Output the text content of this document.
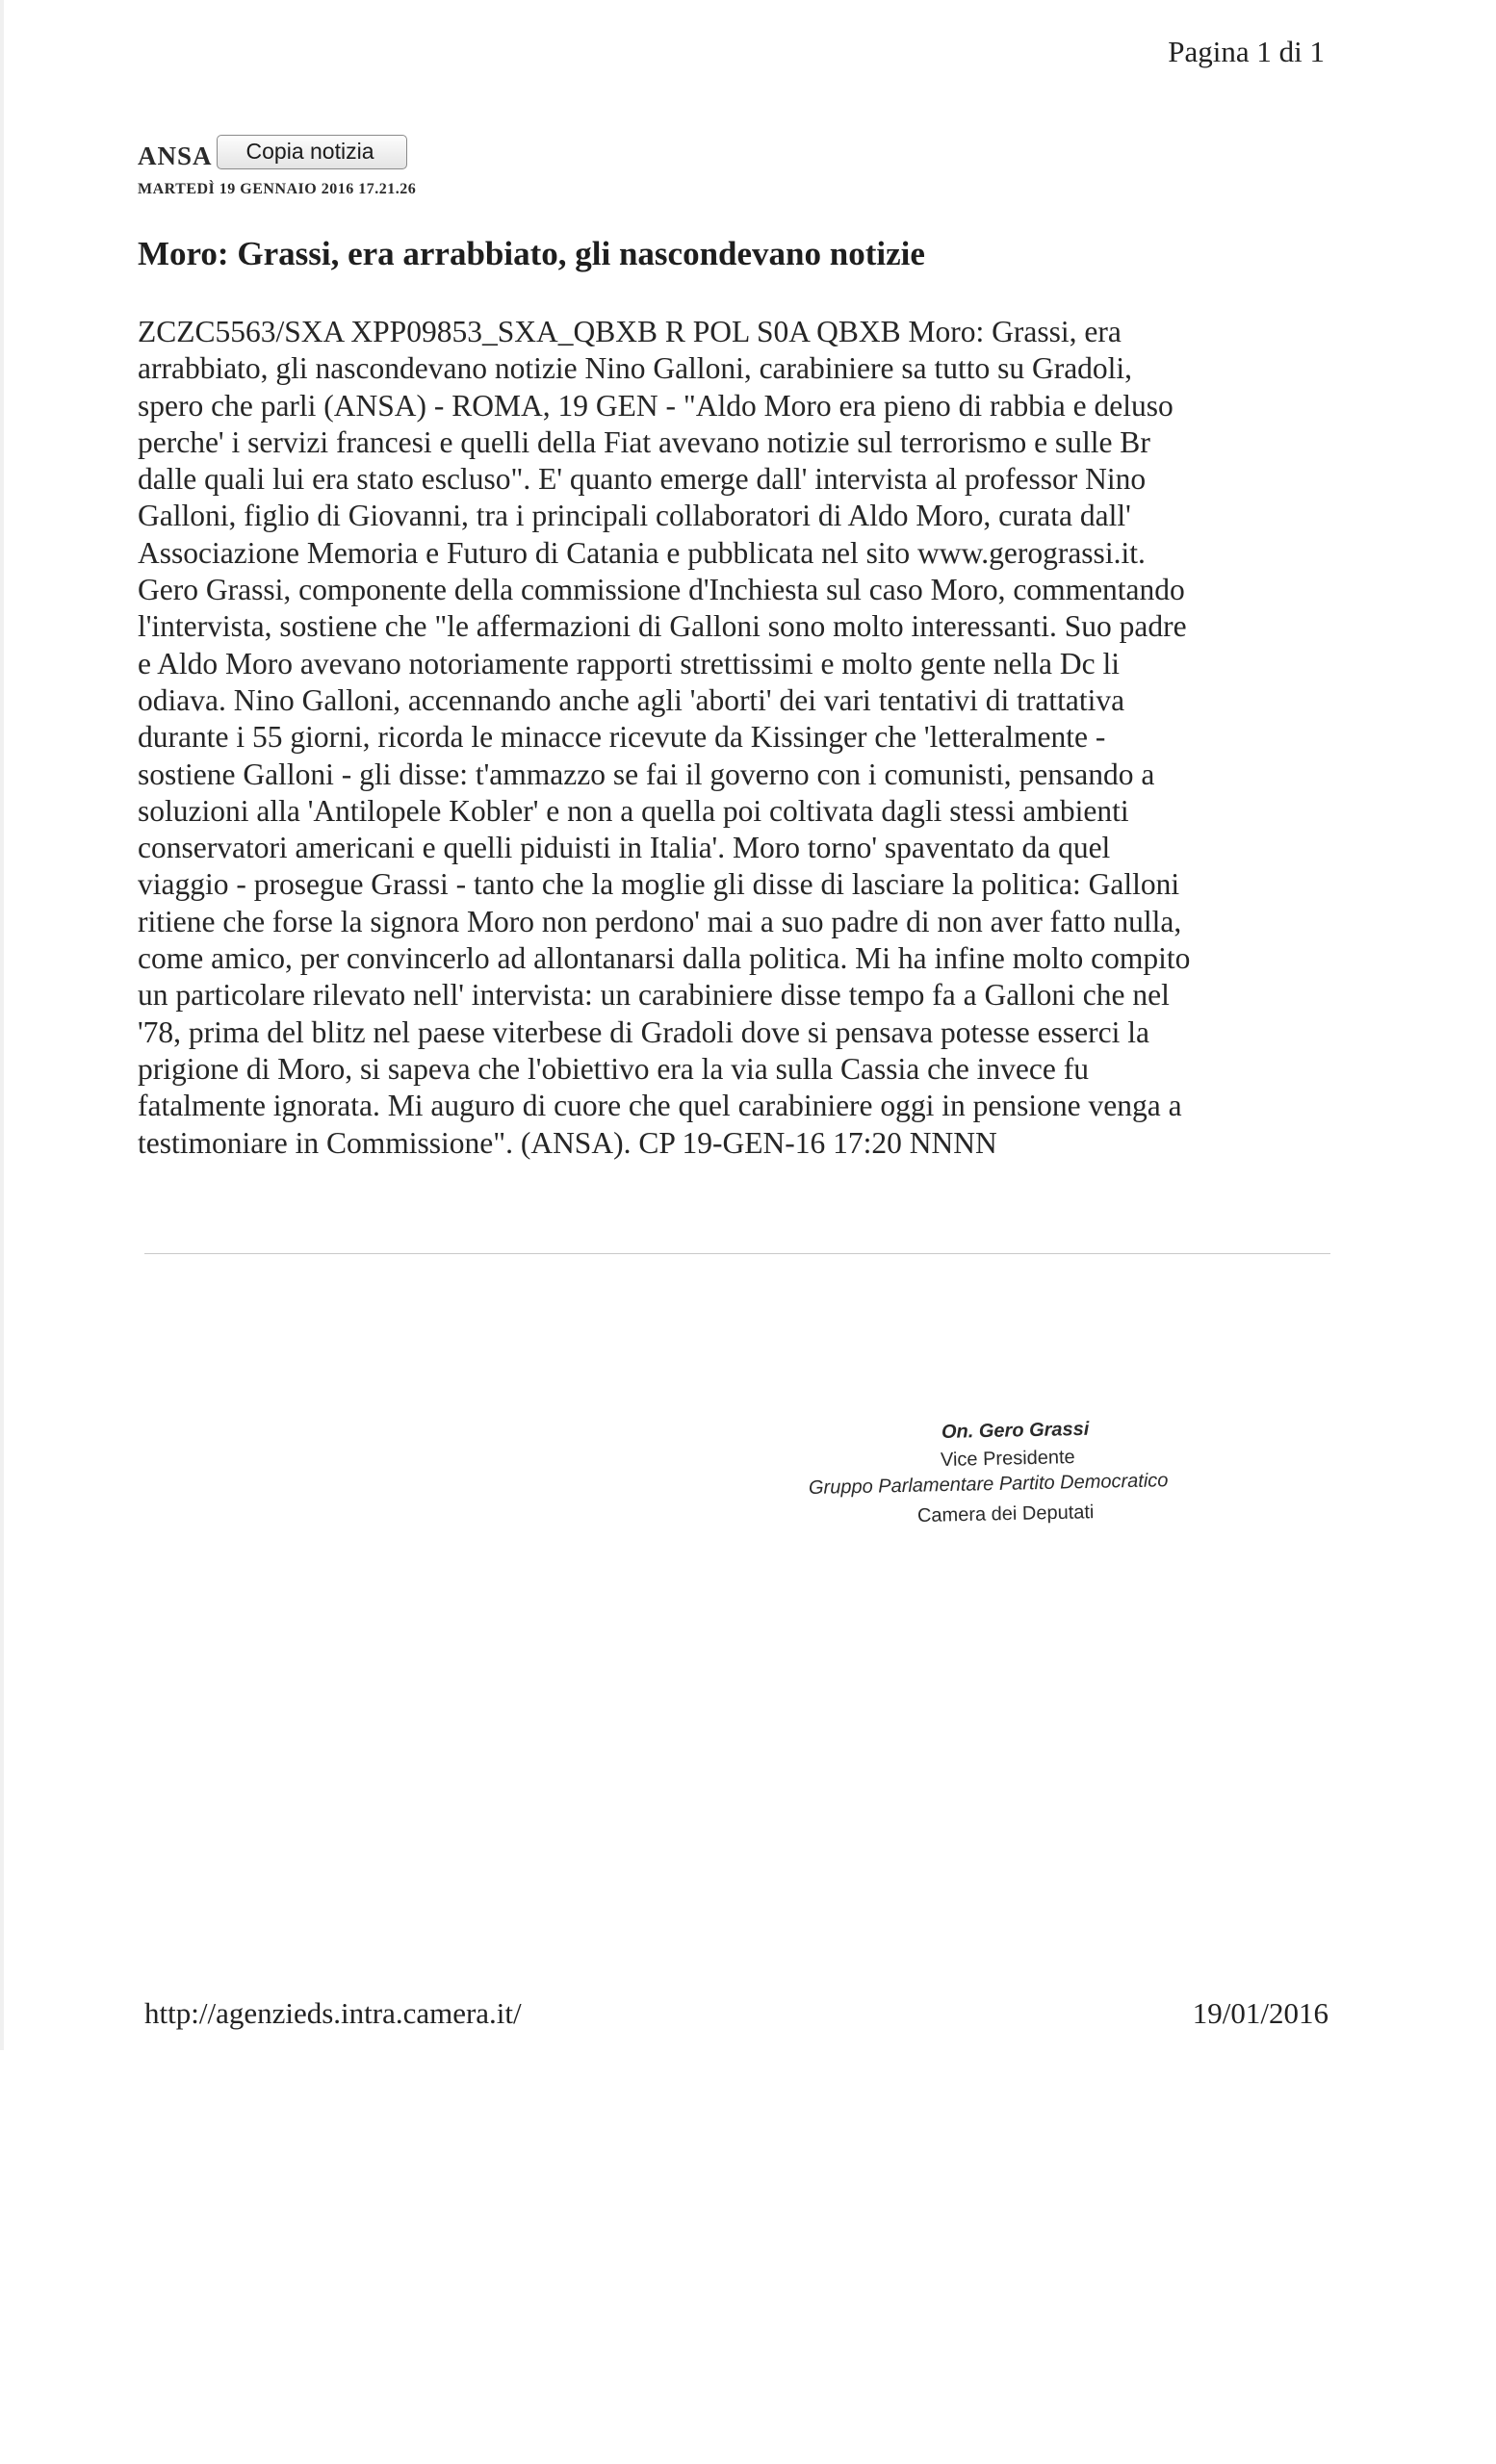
Pagina 1 di 1
ANSA	Copia notizia
MARTEDÌ 19 GENNAIO 2016 17.21.26
Moro: Grassi, era arrabbiato, gli nascondevano notizie

ZCZC5563/SXA XPP09853_SXA_QBXB R POL S0A QBXB Moro: Grassi, era
arrabbiato, gli nascondevano notizie Nino Galloni, carabiniere sa tutto su Gradoli,
spero che parli (ANSA) - ROMA, 19 GEN - "Aldo Moro era pieno di rabbia e deluso
perche' i servizi francesi e quelli della Fiat avevano notizie sul terrorismo e sulle Br
dalle quali lui era stato escluso". E' quanto emerge dall' intervista al professor Nino
Galloni, figlio di Giovanni, tra i principali collaboratori di Aldo Moro, curata dall'
Associazione Memoria e Futuro di Catania e pubblicata nel sito www.gerograssi.it.
Gero Grassi, componente della commissione d'Inchiesta sul caso Moro, commentando
l'intervista, sostiene che "le affermazioni di Galloni sono molto interessanti. Suo padre
e Aldo Moro avevano notoriamente rapporti strettissimi e molto gente nella Dc li
odiava. Nino Galloni, accennando anche agli 'aborti' dei vari tentativi di trattativa
durante i 55 giorni, ricorda le minacce ricevute da Kissinger che 'letteralmente -
sostiene Galloni - gli disse: t'ammazzo se fai il governo con i comunisti, pensando a
soluzioni alla 'Antilopele Kobler' e non a quella poi coltivata dagli stessi ambienti
conservatori americani e quelli piduisti in Italia'. Moro torno' spaventato da quel
viaggio - prosegue Grassi - tanto che la moglie gli disse di lasciare la politica: Galloni
ritiene che forse la signora Moro non perdono' mai a suo padre di non aver fatto nulla,
come amico, per convincerlo ad allontanarsi dalla politica. Mi ha infine molto compito
un particolare rilevato nell' intervista: un carabiniere disse tempo fa a Galloni che nel
'78, prima del blitz nel paese viterbese di Gradoli dove si pensava potesse esserci la
prigione di Moro, si sapeva che l'obiettivo era la via sulla Cassia che invece fu
fatalmente ignorata. Mi auguro di cuore che quel carabiniere oggi in pensione venga a
testimoniare in Commissione". (ANSA). CP 19-GEN-16 17:20 NNNN

On. Gero Grassi
Vice Presidente
Gruppo Parlamentare Partito Democratico
Camera dei Deputati
http://agenzieds.intra.camera.it/	19/01/2016
